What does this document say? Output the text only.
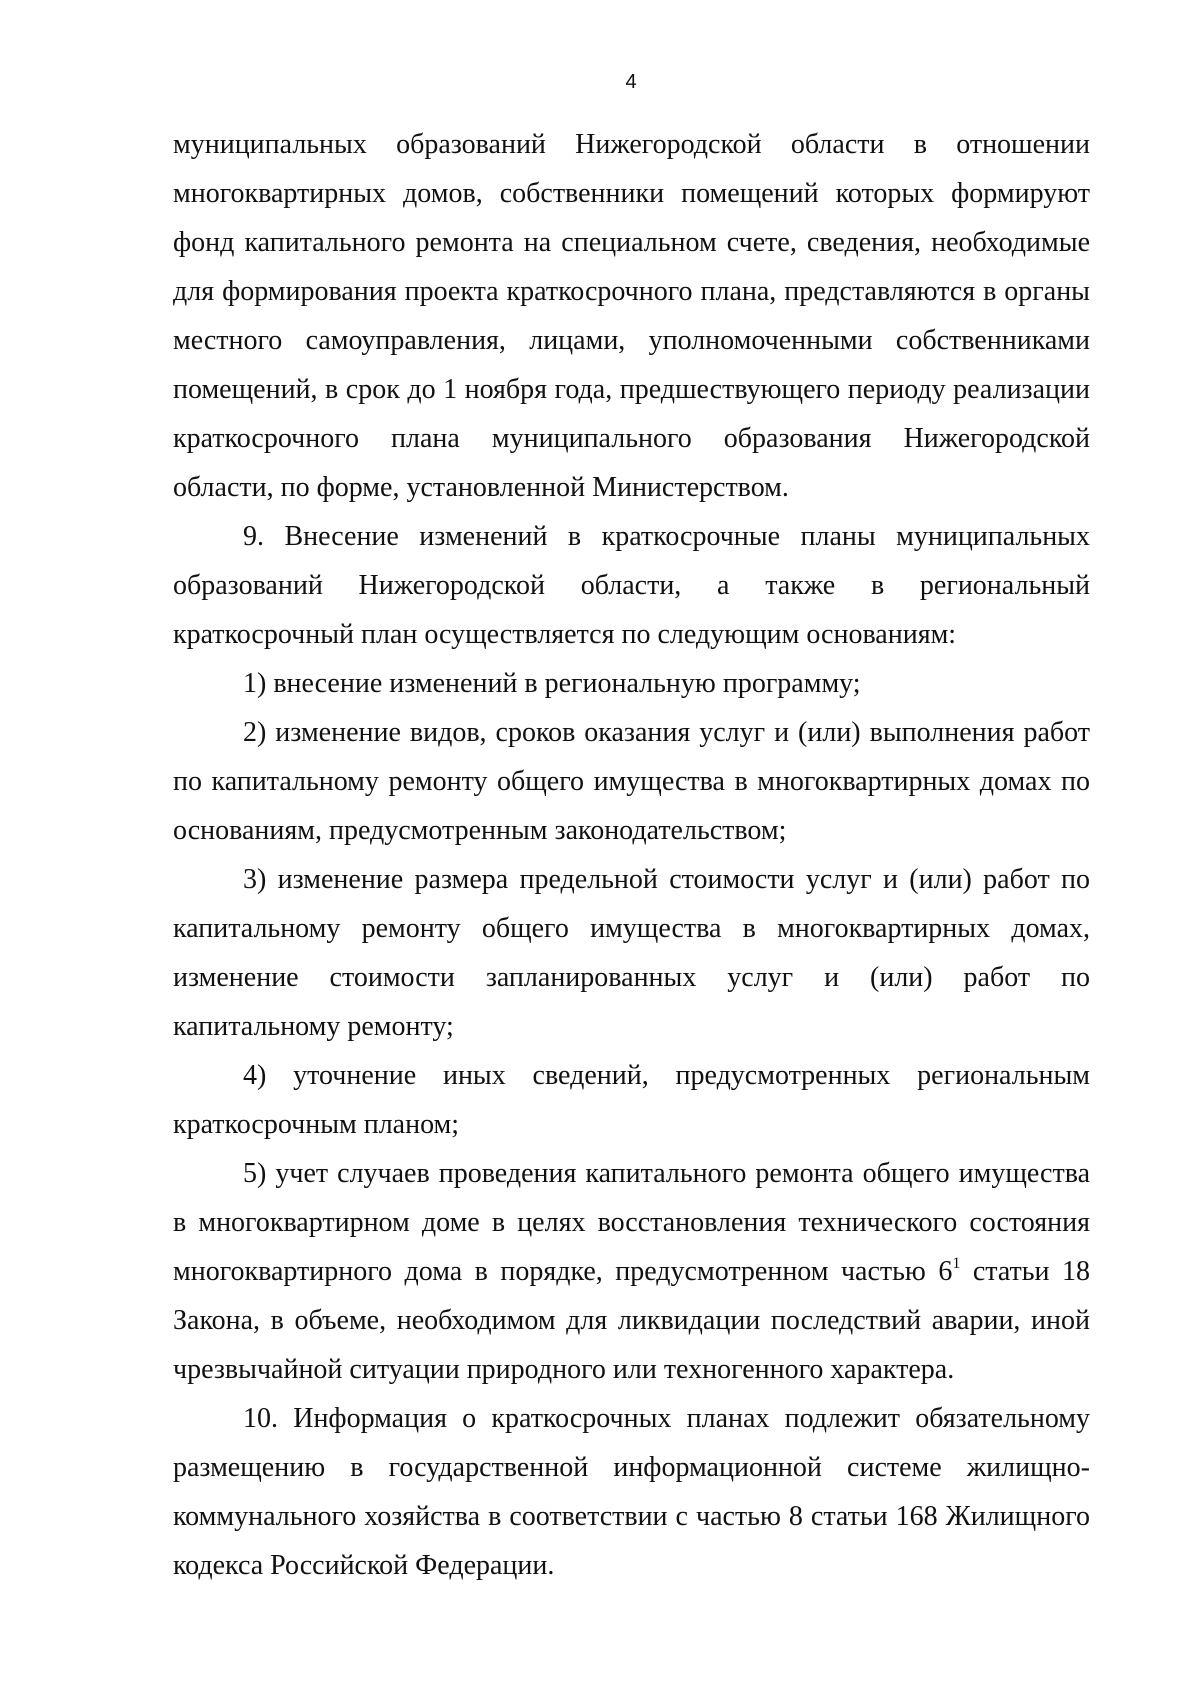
4

муниципальных образований Нижегородской области в отношении многоквартирных домов, собственники помещений которых формируют фонд капитального ремонта на специальном счете, сведения, необходимые для формирования проекта краткосрочного плана, представляются в органы местного самоуправления, лицами, уполномоченными собственниками помещений, в срок до 1 ноября года, предшествующего периоду реализации краткосрочного плана муниципального образования Нижегородской области, по форме, установленной Министерством.

9. Внесение изменений в краткосрочные планы муниципальных образований Нижегородской области, а также в региональный краткосрочный план осуществляется по следующим основаниям:

1) внесение изменений в региональную программу;

2) изменение видов, сроков оказания услуг и (или) выполнения работ по капитальному ремонту общего имущества в многоквартирных домах по основаниям, предусмотренным законодательством;

3) изменение размера предельной стоимости услуг и (или) работ по капитальному ремонту общего имущества в многоквартирных домах, изменение стоимости запланированных услуг и (или) работ по капитальному ремонту;

4) уточнение иных сведений, предусмотренных региональным краткосрочным планом;

5) учет случаев проведения капитального ремонта общего имущества в многоквартирном доме в целях восстановления технического состояния многоквартирного дома в порядке, предусмотренном частью $6^1$ статьи 18 Закона, в объеме, необходимом для ликвидации последствий аварии, иной чрезвычайной ситуации природного или техногенного характера.

10. Информация о краткосрочных планах подлежит обязательному размещению в государственной информационной системе жилищно-коммунального хозяйства в соответствии с частью 8 статьи 168 Жилищного кодекса Российской Федерации.
